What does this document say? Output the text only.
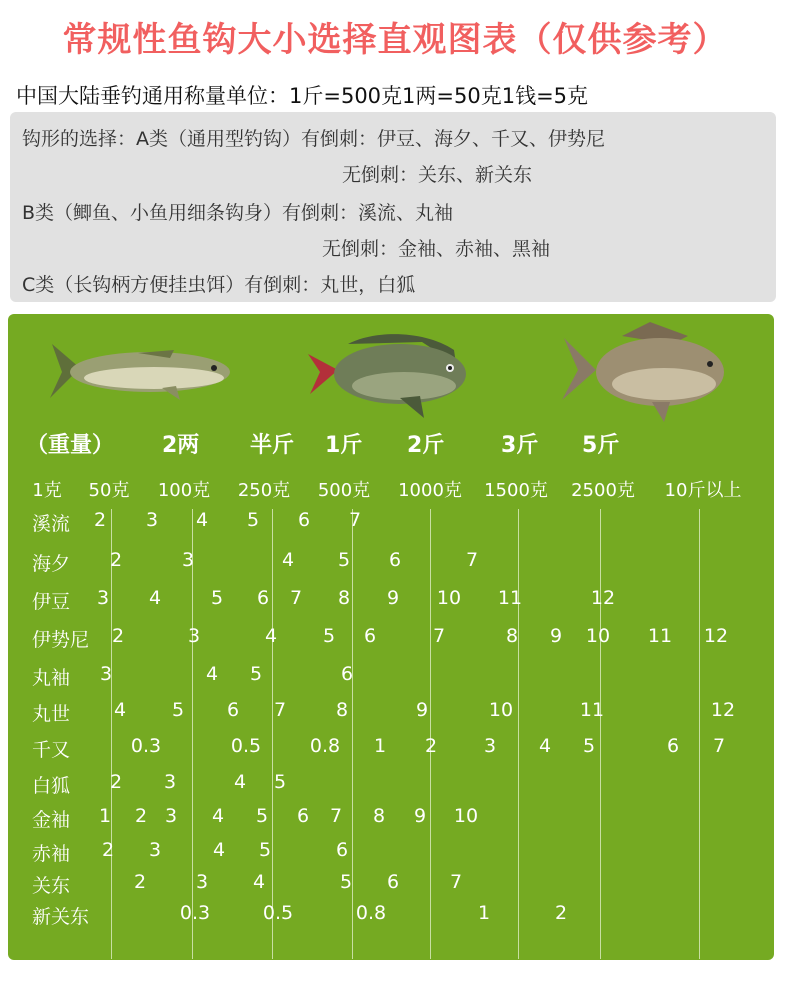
常规性鱼钩大小选择直观图表（仅供参考）
中国大陆垂钓通用称量单位：1斤=500克1两=50克1钱=5克
钩形的选择：A类（通用型钓钩）有倒刺：伊豆、海夕、千又、伊势尼
无倒刺：关东、新关东
B类（鲫鱼、小鱼用细条钩身）有倒刺：溪流、丸袖
无倒刺：金袖、赤袖、黑袖
C类（长钩柄方便挂虫饵）有倒刺：丸世，白狐
（重量） 2两 半斤 1斤 2斤	3斤 5斤
1克 50克 100克 250克 500克 1000克 1500克 2500克 10斤以上
溪流 2 3 4 5 6 7
海夕 2	3	4 5 6	7
伊豆 3 4	5 6 7 8 9 10 11	12
伊势尼 2	3	4 5 6	7	8 9 10 11 12
丸袖 3	4 5	6
丸世 4 5 6 7	8	9	10	11	12
千又	0.3	0.5	0.8 1 2 3 4 5	6 7
白狐 2 3	4 5
金袖 1 2 3 4 5 6 7 8 9 10
赤袖 2 3	4 5	6
关东	2	3 4	5 6	7
新关东	0.3	0.5	0.8	1	2
